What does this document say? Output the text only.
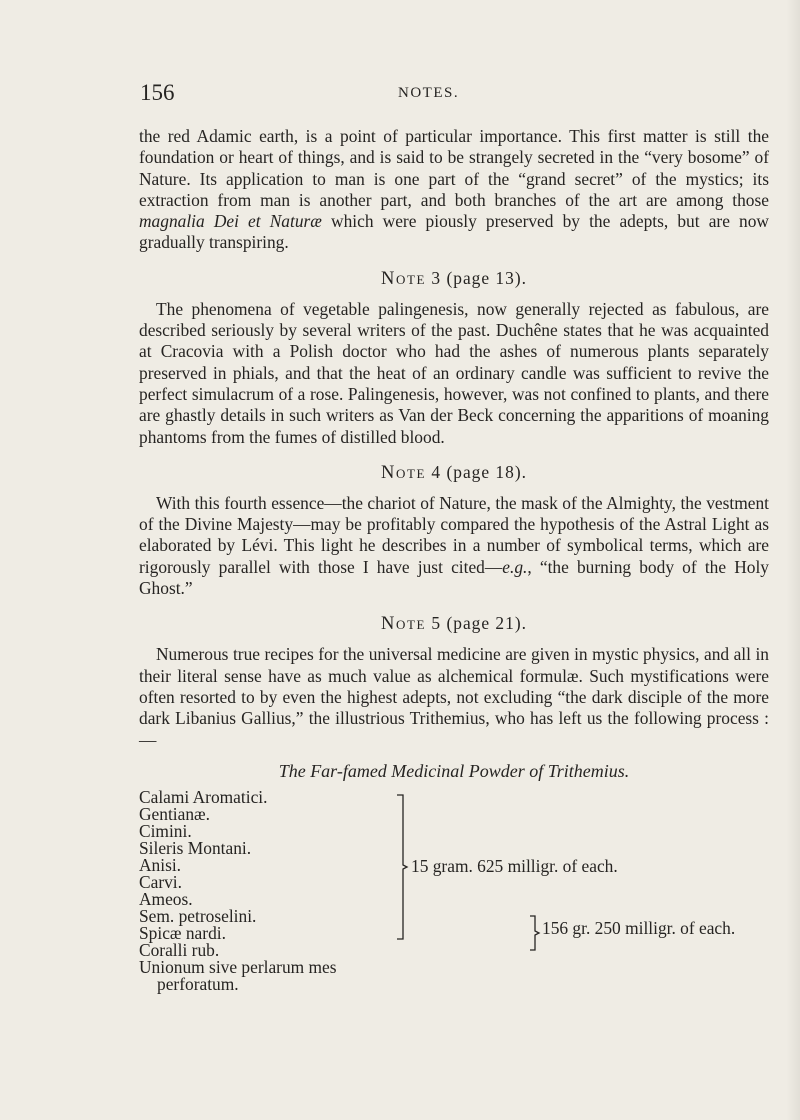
156	NOTES.

the red Adamic earth, is a point of particular importance. This first matter is still the foundation or heart of things, and is said to be strangely secreted in the “very bosome” of Nature. Its application to man is one part of the “grand secret” of the mystics; its extraction from man is another part, and both branches of the art are among those magnalia Dei et Naturæ which were piously preserved by the adepts, but are now gradually transpiring.

Note 3 (page 13).

The phenomena of vegetable palingenesis, now generally rejected as fabulous, are described seriously by several writers of the past. Duchêne states that he was acquainted at Cracovia with a Polish doctor who had the ashes of numerous plants separately preserved in phials, and that the heat of an ordinary candle was sufficient to revive the perfect simulacrum of a rose. Palingenesis, however, was not confined to plants, and there are ghastly details in such writers as Van der Beck concerning the apparitions of moaning phantoms from the fumes of distilled blood.

Note 4 (page 18).

With this fourth essence—the chariot of Nature, the mask of the Almighty, the vestment of the Divine Majesty—may be profitably compared the hypothesis of the Astral Light as elaborated by Lévi. This light he describes in a number of symbolical terms, which are rigorously parallel with those I have just cited—e.g., “the burning body of the Holy Ghost.”

Note 5 (page 21).

Numerous true recipes for the universal medicine are given in mystic physics, and all in their literal sense have as much value as alchemical formulæ. Such mystifications were often resorted to by even the highest adepts, not excluding “the dark disciple of the more dark Libanius Gallius,” the illustrious Trithemius, who has left us the following process :—

The Far-famed Medicinal Powder of Trithemius.
15 gram. 625 milligr. of each.
156 gr. 250 milligr. of each.
Calami Aromatici.
Gentianæ.
Cimini.
Sileris Montani.
Anisi.
Carvi.
Ameos.
Sem. petroselini.
Spicæ nardi.
Coralli rub.
Unionum sive perlarum mes
perforatum.
